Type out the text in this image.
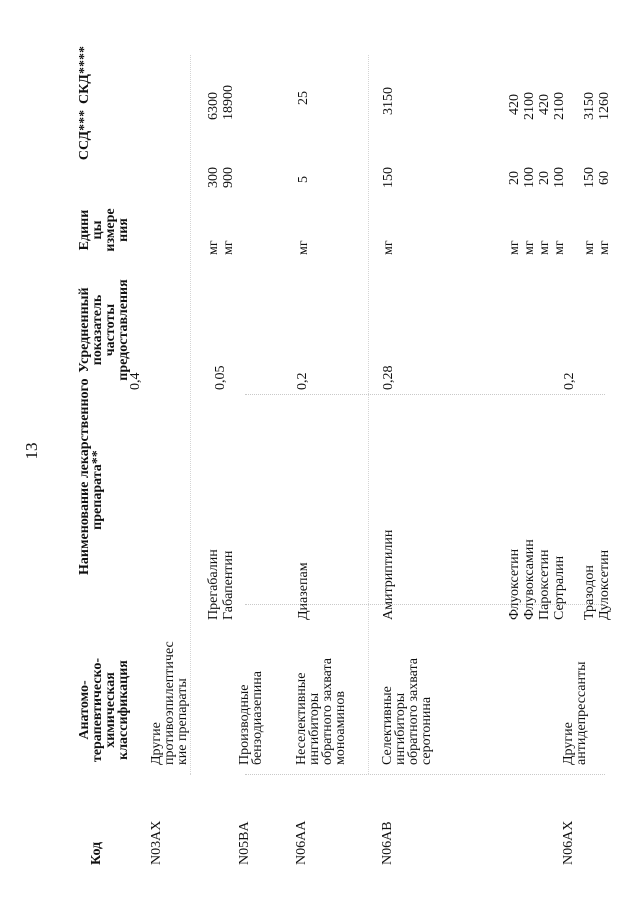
13
Код
Анатомо-
терапевтическо-
химическая
классификация
Наименование лекарственного
препарата**
Усредненный
показатель
частоты
предоставления
Едини
цы
измере
ния
ССД***
СКД****
N03AX
Другие
противоэпилептичес
кие препараты
0,4
N05BA
Производные
бензодиазепина
0,05
N06AA
Неселективные
ингибиторы
обратного захвата
моноаминов
0,2
N06AB
Селективные
ингибиторы
обратного захвата
серотонина
0,28
N06AX
Другие
антидепрессанты
0,2
Прегабалин
мг
300
6300
Габапентин
мг
900
18900
Диазепам
мг
5
25
Амитриптилин
мг
150
3150
Флуоксетин
мг
20
420
Флувоксамин
мг
100
2100
Пароксетин
мг
20
420
Сертралин
мг
100
2100
Тразодон
мг
150
3150
Дулоксетин
мг
60
1260
